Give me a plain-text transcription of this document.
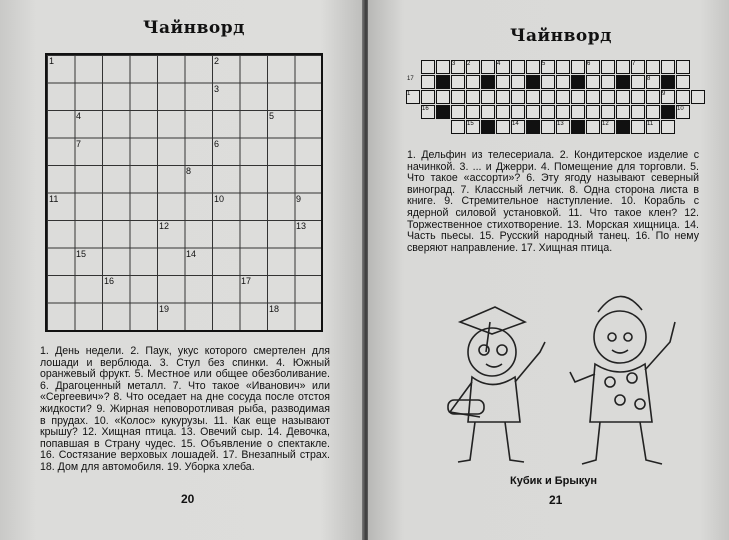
Чайнворд
1	2
3
4	5
6
7
8
9
10
11
12	13
14
15
16	17
18
19
1. День недели. 2. Паук, укус которого смертелен для лошади и верблюда. 3. Стул без спинки. 4. Южный оранжевый фрукт. 5. Местное или общее обезболивание. 6. Драгоценный металл. 7. Что такое «Иванович» или «Сергеевич»? 8. Что оседает на дне сосуда после отстоя жидкости? 9. Жирная неповоротливая рыба, разводимая в прудах. 10. «Колос» кукурузы. 11. Как еще называют крышу? 12. Хищная птица. 13. Овечий сыр. 14. Девочка, попавшая в Страну чудес. 15. Объявление о спектакле. 16. Состязание верховых лошадей. 17. Внезапный страх. 18. Дом для автомобиля. 19. Уборка хлеба.
20
Чайнворд
1
2
3	4	5	6	7
8
9
10
11
12
13
14
15
16
17
1. Дельфин из телесериала. 2. Кондитерское изделие с начинкой. 3. ... и Джерри. 4. Помещение для торговли. 5. Что такое «ассорти»? 6. Эту ягоду называют северный виноград. 7. Классный летчик. 8. Одна сторона листа в книге. 9. Стремительное наступление. 10. Корабль с ядерной силовой установкой. 11. Что такое клен? 12. Торжественное стихотворение. 13. Морская хищница. 14. Часть пьесы. 15. Русский народный танец. 16. По нему сверяют направление. 17. Хищная птица.
Кубик и Брыкун
21
